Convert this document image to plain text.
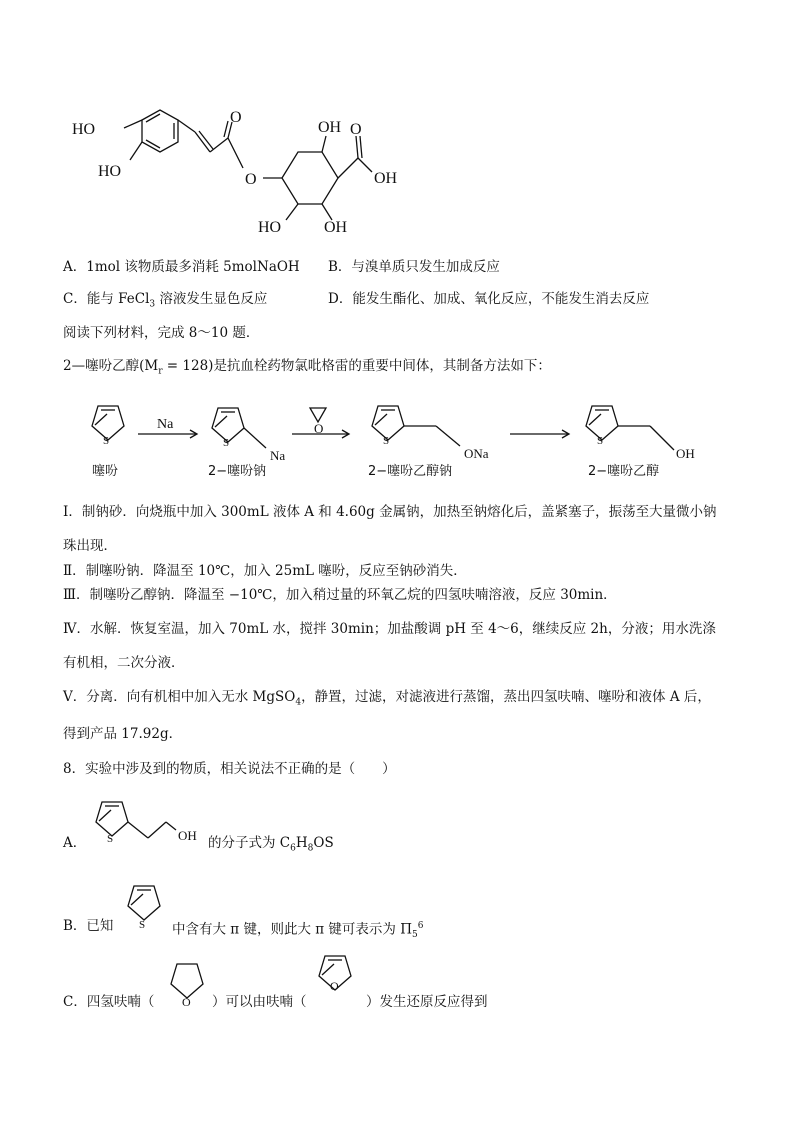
HO
HO
O
O
OH O
OH
HO	OH
A．1mol 该物质最多消耗 5molNaOH B．与溴单质只发生加成反应
C．能与 FeCl$_3$ 溶液发生显色反应	D．能发生酯化、加成、氧化反应，不能发生消去反应
阅读下列材料，完成 8～10 题．
2—噻吩乙醇$(M_r = 128)$是抗血栓药物氯吡格雷的重要中间体，其制备方法如下：
Na
S	S
Na
O
S
ONa
S
OH
噻吩	2−噻吩钠	2−噻吩乙醇钠	2−噻吩乙醇
Ⅰ．制钠砂．向烧瓶中加入 300mL 液体 A 和 4.60g 金属钠，加热至钠熔化后，盖紧塞子，振荡至大量微小钠
珠出现．
Ⅱ．制噻吩钠．降温至 10℃，加入 25mL 噻吩，反应至钠砂消失．
Ⅲ．制噻吩乙醇钠．降温至 −10℃，加入稍过量的环氧乙烷的四氢呋喃溶液，反应 30min．
Ⅳ．水解．恢复室温，加入 70mL 水，搅拌 30min；加盐酸调 pH 至 4～6，继续反应 2h，分液；用水洗涤
有机相，二次分液．
Ⅴ．分离．向有机相中加入无水 MgSO$_4$，静置，过滤，对滤液进行蒸馏，蒸出四氢呋喃、噻吩和液体 A 后，
得到产品 17.92g．
8．实验中涉及到的物质，相关说法不正确的是（　　）
A． S	OH 的分子式为 $C_6H_8OS$
B．已知 S 中含有大 π 键，则此大 π 键可表示为 $\Pi_5^6$
C．四氢呋喃（ O ）可以由呋喃（
O
）发生还原反应得到
